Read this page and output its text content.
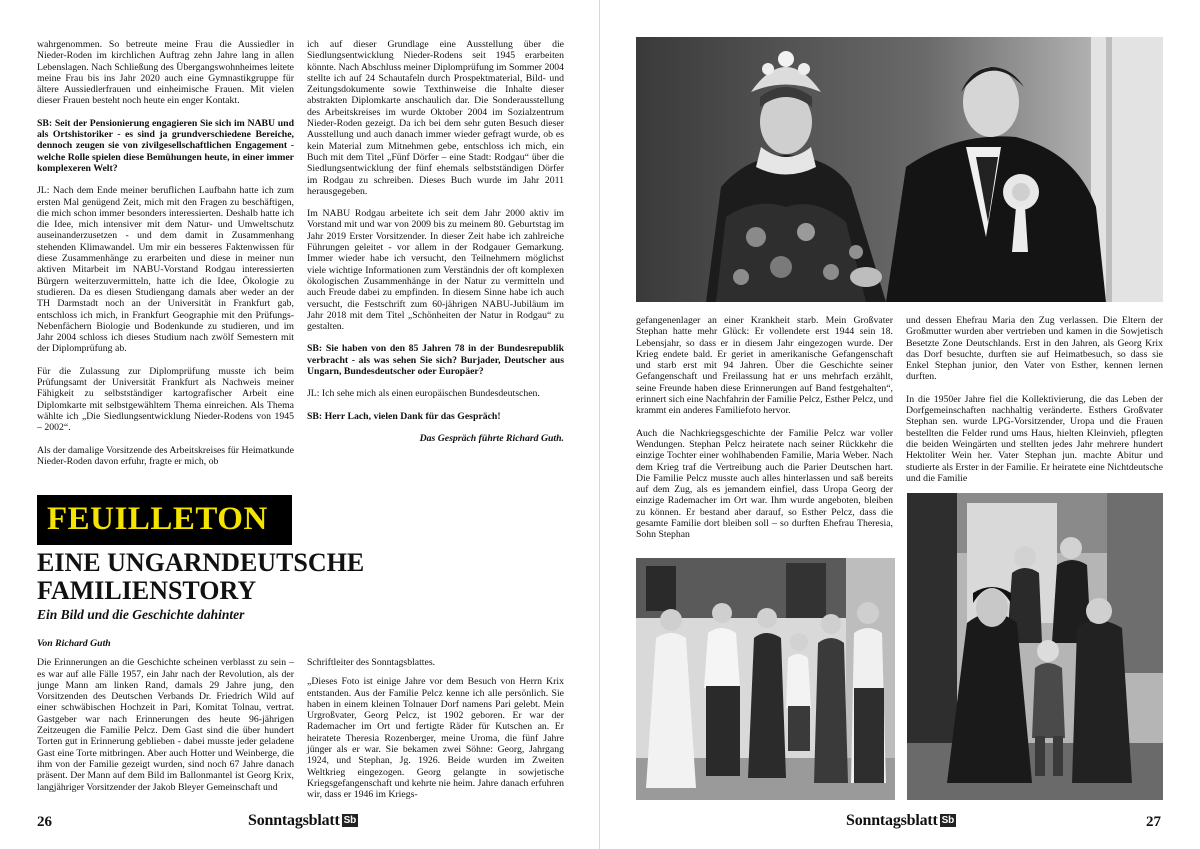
wahrgenommen. So betreute meine Frau die Aussiedler in Nieder-Roden im kirchlichen Auftrag zehn Jahre lang in allen Lebenslagen. Nach Schließung des Übergangswohnheimes leitete meine Frau bis ins Jahr 2020 auch eine Gymnastikgruppe für ältere Aussiedlerfrauen und einheimische Frauen. Mit vielen dieser Frauen besteht noch heute ein enger Kontakt.

SB: Seit der Pensionierung engagieren Sie sich im NABU und als Ortshistoriker - es sind ja grundverschiedene Bereiche, dennoch zeugen sie von zivilgesellschaftlichen Engagement - welche Rolle spielen diese Bemühungen heute, in einer immer komplexeren Welt?

JL: Nach dem Ende meiner beruflichen Laufbahn hatte ich zum ersten Mal genügend Zeit, mich mit den Fragen zu beschäftigen, die mich schon immer besonders interessierten. Deshalb hatte ich die Idee, mich intensiver mit dem Natur- und Umweltschutz auseinanderzusetzen - und dem damit in Zusammenhang stehenden Klimawandel. Um mir ein besseres Faktenwissen für diese Zusammenhänge zu erarbeiten und diese in meiner nun aktiven Mitarbeit im NABU-Vorstand Rodgau interessierten Bürgern weiterzuvermitteln, hatte ich die Idee, Ökologie zu studieren. Da es diesen Studiengang damals aber weder an der TH Darmstadt noch an der Universität in Frankfurt gab, entschloss ich mich, in Frankfurt Geographie mit den Prüfungs-Nebenfächern Biologie und Bodenkunde zu studieren, und im Jahr 2004 schloss ich dieses Studium nach zwölf Semestern mit der Diplomprüfung ab.

Für die Zulassung zur Diplomprüfung musste ich beim Prüfungsamt der Universität Frankfurt als Nachweis meiner Fähigkeit zu selbstständiger kartografischer Arbeit eine Diplomkarte mit selbstgewähltem Thema einreichen. Als Thema wählte ich „Die Siedlungsentwicklung Nieder-Rodens von 1945 – 2002“.

Als der damalige Vorsitzende des Arbeitskreises für Heimatkunde Nieder-Roden davon erfuhr, fragte er mich, ob

ich auf dieser Grundlage eine Ausstellung über die Siedlungsentwicklung Nieder-Rodens seit 1945 erarbeiten könnte. Nach Abschluss meiner Diplomprüfung im Sommer 2004 stellte ich auf 24 Schautafeln durch Prospektmaterial, Bild- und Zeitungsdokumente sowie Texthinweise die Inhalte dieser abstrakten Diplomkarte anschaulich dar. Die Sonderausstellung des Arbeitskreises im wurde Oktober 2004 im Sozialzentrum Nieder-Roden gezeigt. Da ich bei dem sehr guten Besuch dieser Ausstellung und auch danach immer wieder gefragt wurde, ob es kein Material zum Mitnehmen gebe, entschloss ich mich, ein Buch mit dem Titel „Fünf Dörfer – eine Stadt: Rodgau“ über die Siedlungsentwicklung der fünf ehemals selbstständigen Dörfer im Rodgau zu schreiben. Dieses Buch wurde im Jahr 2011 herausgegeben.

Im NABU Rodgau arbeitete ich seit dem Jahr 2000 aktiv im Vorstand mit und war von 2009 bis zu meinem 80. Geburtstag im Jahr 2019 Erster Vorsitzender. In dieser Zeit habe ich zahlreiche Führungen geleitet - vor allem in der Rodgauer Gemarkung. Immer wieder habe ich versucht, den Teilnehmern möglichst viele wichtige Informationen zum Verständnis der oft komplexen ökologischen Zusammenhänge in der Natur zu vermitteln und auch Freude dabei zu empfinden. In diesem Sinne habe ich auch versucht, die Festschrift zum 60-jährigen NABU-Jubiläum im Jahr 2018 mit dem Titel „Schönheiten der Natur in Rodgau“ zu gestalten.

SB: Sie haben von den 85 Jahren 78 in der Bundesrepublik verbracht - als was sehen Sie sich? Burjader, Deutscher aus Ungarn, Bundesdeutscher oder Europäer?

JL: Ich sehe mich als einen europäischen Bundesdeutschen.

SB: Herr Lach, vielen Dank für das Gespräch!

Das Gespräch führte Richard Guth.

FEUILLETON
EINE UNGARNDEUTSCHE FAMILIENSTORY
Ein Bild und die Geschichte dahinter

Von Richard Guth

Die Erinnerungen an die Geschichte scheinen verblasst zu sein – es war auf alle Fälle 1957, ein Jahr nach der Revolution, als der junge Mann am linken Rand, damals 29 Jahre jung, den Vorsitzenden des Deutschen Verbands Dr. Friedrich Wild auf einer schwäbischen Hochzeit in Pari, Komitat Tolnau, vertrat. Gastgeber war nach Erinnerungen des heute 96-jährigen Zeitzeugen die Familie Pelcz. Dem Gast sind die über hundert Torten gut in Erinnerung geblieben - dabei musste jeder geladene Gast eine Torte mitbringen. Aber auch Hotter und Weinberge, die ihm von der Familie gezeigt wurden, sind noch 67 Jahre danach präsent. Der Mann auf dem Bild im Ballonmantel ist Georg Krix, langjähriger Vorsitzender der Jakob Bleyer Gemeinschaft und

Schriftleiter des Sonntagsblattes.

„Dieses Foto ist einige Jahre vor dem Besuch von Herrn Krix entstanden. Aus der Familie Pelcz kenne ich alle persönlich. Sie haben in einem kleinen Tolnauer Dorf namens Pari gelebt. Mein Urgroßvater, Georg Pelcz, ist 1902 geboren. Er war der Rademacher im Ort und fertigte Räder für Kutschen an. Er heiratete Theresia Rozenberger, meine Uroma, die fünf Jahre jünger als er war. Sie bekamen zwei Söhne: Georg, Jahrgang 1924, und Stephan, Jg. 1926. Beide wurden im Zweiten Weltkrieg eingezogen. Georg gelangte in sowjetische Kriegsgefangenschaft und kehrte nie heim. Jahre danach erfuhren wir, dass er 1946 im Kriegs-

26	Sonntagsblatt Sb

gefangenenlager an einer Krankheit starb. Mein Großvater Stephan hatte mehr Glück: Er vollendete erst 1944 sein 18. Lebensjahr, so dass er in diesem Jahr eingezogen wurde. Der Krieg endete bald. Er geriet in amerikanische Gefangenschaft und starb erst mit 94 Jahren. Über die Geschichte seiner Gefangenschaft und Freilassung hat er uns mehrfach erzählt, seine Freunde haben diese Erinnerungen auf Band festgehalten“, erinnert sich eine Nachfahrin der Familie Pelcz, Esther Pelcz, und krammt ein anderes Familiefoto hervor.

Auch die Nachkriegsgeschichte der Familie Pelcz war voller Wendungen. Stephan Pelcz heiratete nach seiner Rückkehr die einzige Tochter einer wohlhabenden Familie, Maria Weber. Nach dem Krieg traf die Vertreibung auch die Parier Deutschen hart. Die Familie Pelcz musste auch alles hinterlassen und saß bereits auf dem Zug, als es jemandem einfiel, dass Uropa Georg der einzige Rademacher im Ort war. Ihm wurde angeboten, bleiben zu können. Er bestand aber darauf, so Esther Pelcz, dass die gesamte Familie dort bleiben soll – so durften Ehefrau Theresia, Sohn Stephan

und dessen Ehefrau Maria den Zug verlassen. Die Eltern der Großmutter wurden aber vertrieben und kamen in die Sowjetisch Besetzte Zone Deutschlands. Erst in den Jahren, als Georg Krix das Dorf besuchte, durften sie auf Heimatbesuch, so dass sie Enkel Stephan junior, den Vater von Esther, kennen lernen durften.

In die 1950er Jahre fiel die Kollektivierung, die das Leben der Dorfgemeinschaften nachhaltig veränderte. Esthers Großvater Stephan sen. wurde LPG-Vorsitzender, Uropa und die Frauen bestellten die Felder rund ums Haus, hielten Kleinvieh, pflegten die beiden Weingärten und stellten jedes Jahr mehrere hundert Hektoliter Wein her. Vater Stephan jun. machte Abitur und studierte als Erster in der Familie. Er heiratete eine Nichtdeutsche und die Familie

Sonntagsblatt Sb	27
